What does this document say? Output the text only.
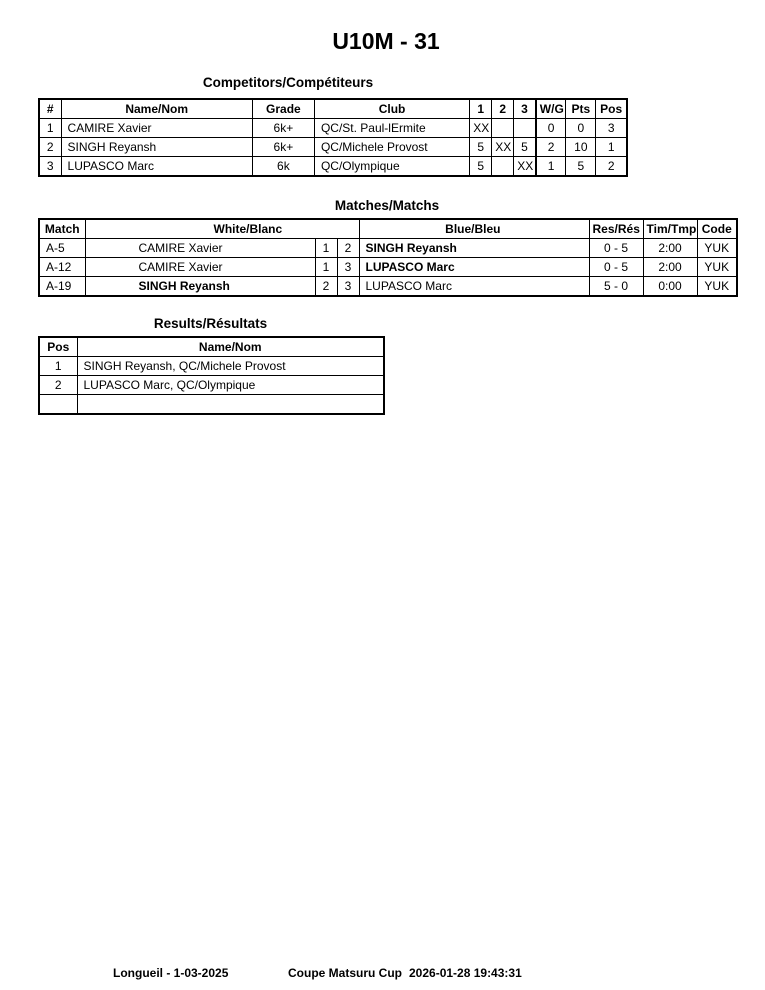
U10M - 31
Competitors/Compétiteurs
#	Name/Nom	Grade	Club	1	2	3	W/G	Pts	Pos
1	CAMIRE Xavier	6k+	QC/St. Paul-lErmite	XX			0	0	3
2	SINGH Reyansh	6k+	QC/Michele Provost	5	XX	5	2	10	1
3	LUPASCO Marc	6k	QC/Olympique	5		XX	1	5	2
Matches/Matchs
Match	White/Blanc			Blue/Bleu	Res/Rés	Tim/Tmp	Code
A-5	CAMIRE Xavier	1	2	SINGH Reyansh	0 - 5	2:00	YUK
A-12	CAMIRE Xavier	1	3	LUPASCO Marc	0 - 5	2:00	YUK
A-19	SINGH Reyansh	2	3	LUPASCO Marc	5 - 0	0:00	YUK
Results/Résultats
Pos	Name/Nom
1	SINGH Reyansh, QC/Michele Provost
2	LUPASCO Marc, QC/Olympique

Longueil - 1-03-2025	Coupe Matsuru Cup 2026-01-28 19:43:31
